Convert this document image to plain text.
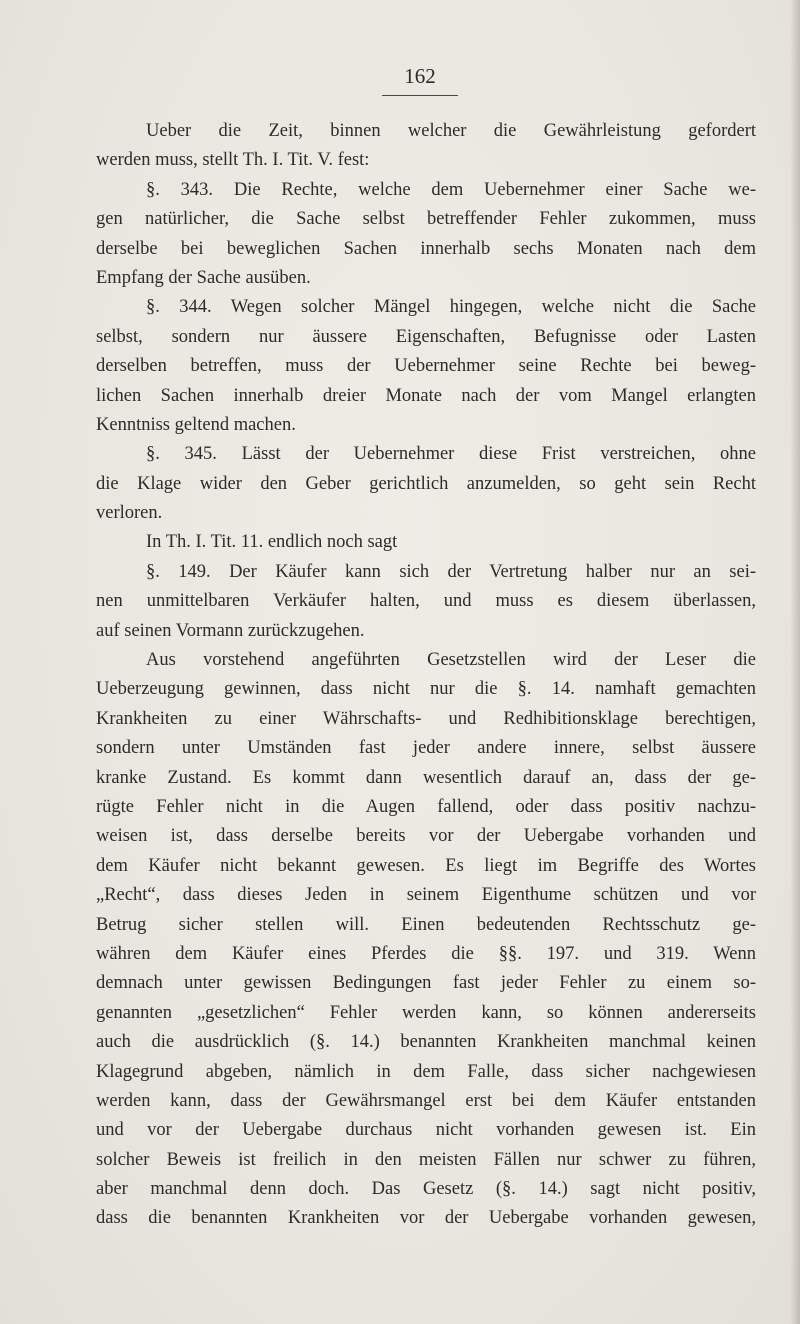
162
Ueber die Zeit, binnen welcher die Gewährleistung gefordert
werden muss, stellt Th. I. Tit. V. fest:
§. 343. Die Rechte, welche dem Uebernehmer einer Sache we-
gen natürlicher, die Sache selbst betreffender Fehler zukommen, muss
derselbe bei beweglichen Sachen innerhalb sechs Monaten nach dem
Empfang der Sache ausüben.
§. 344. Wegen solcher Mängel hingegen, welche nicht die Sache
selbst, sondern nur äussere Eigenschaften, Befugnisse oder Lasten
derselben betreffen, muss der Uebernehmer seine Rechte bei beweg-
lichen Sachen innerhalb dreier Monate nach der vom Mangel erlangten
Kenntniss geltend machen.
§. 345. Lässt der Uebernehmer diese Frist verstreichen, ohne
die Klage wider den Geber gerichtlich anzumelden, so geht sein Recht
verloren.
In Th. I. Tit. 11. endlich noch sagt
§. 149. Der Käufer kann sich der Vertretung halber nur an sei-
nen unmittelbaren Verkäufer halten, und muss es diesem überlassen,
auf seinen Vormann zurückzugehen.
Aus vorstehend angeführten Gesetzstellen wird der Leser die
Ueberzeugung gewinnen, dass nicht nur die §. 14. namhaft gemachten
Krankheiten zu einer Währschafts- und Redhibitionsklage berechtigen,
sondern unter Umständen fast jeder andere innere, selbst äussere
kranke Zustand. Es kommt dann wesentlich darauf an, dass der ge-
rügte Fehler nicht in die Augen fallend, oder dass positiv nachzu-
weisen ist, dass derselbe bereits vor der Uebergabe vorhanden und
dem Käufer nicht bekannt gewesen. Es liegt im Begriffe des Wortes
„Recht“, dass dieses Jeden in seinem Eigenthume schützen und vor
Betrug sicher stellen will. Einen bedeutenden Rechtsschutz ge-
währen dem Käufer eines Pferdes die §§. 197. und 319. Wenn
demnach unter gewissen Bedingungen fast jeder Fehler zu einem so-
genannten „gesetzlichen“ Fehler werden kann, so können andererseits
auch die ausdrücklich (§. 14.) benannten Krankheiten manchmal keinen
Klagegrund abgeben, nämlich in dem Falle, dass sicher nachgewiesen
werden kann, dass der Gewährsmangel erst bei dem Käufer entstanden
und vor der Uebergabe durchaus nicht vorhanden gewesen ist. Ein
solcher Beweis ist freilich in den meisten Fällen nur schwer zu führen,
aber manchmal denn doch. Das Gesetz (§. 14.) sagt nicht positiv,
dass die benannten Krankheiten vor der Uebergabe vorhanden gewesen,
